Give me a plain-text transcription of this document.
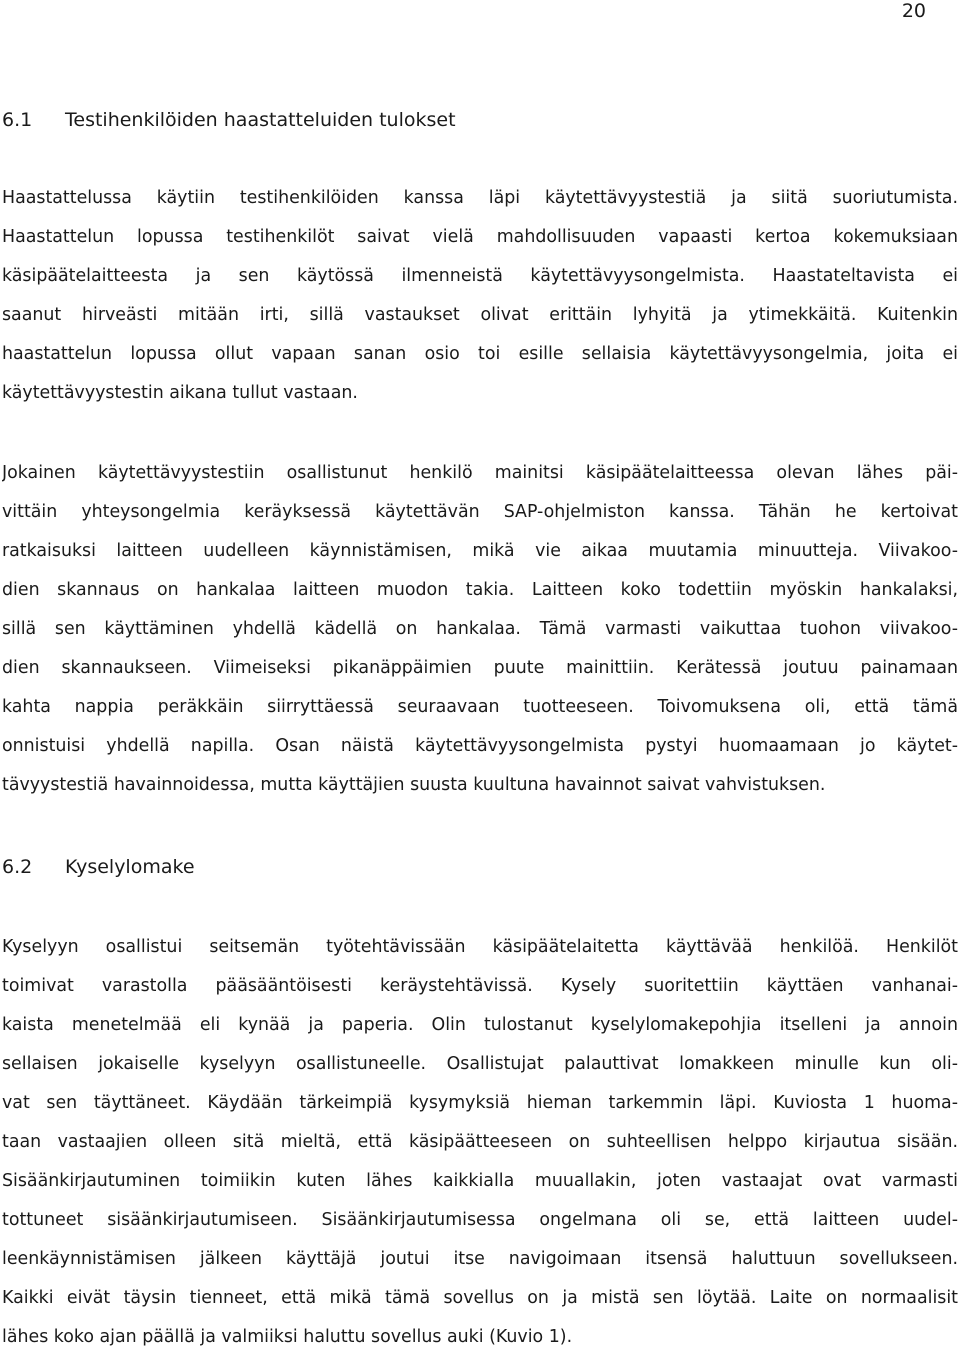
20
6.1 Testihenkilöiden haastatteluiden tulokset
Haastattelussa käytiin testihenkilöiden kanssa läpi käytettävyystestiä ja siitä suoriutumista.
Haastattelun lopussa testihenkilöt saivat vielä mahdollisuuden vapaasti kertoa kokemuksiaan
käsipäätelaitteesta ja sen käytössä ilmenneistä käytettävyysongelmista. Haastateltavista ei
saanut hirveästi mitään irti, sillä vastaukset olivat erittäin lyhyitä ja ytimekkäitä. Kuitenkin
haastattelun lopussa ollut vapaan sanan osio toi esille sellaisia käytettävyysongelmia, joita ei
käytettävyystestin aikana tullut vastaan.
Jokainen käytettävyystestiin osallistunut henkilö mainitsi käsipäätelaitteessa olevan lähes päi-
vittäin yhteysongelmia keräyksessä käytettävän SAP-ohjelmiston kanssa. Tähän he kertoivat
ratkaisuksi laitteen uudelleen käynnistämisen, mikä vie aikaa muutamia minuutteja. Viivakoo-
dien skannaus on hankalaa laitteen muodon takia. Laitteen koko todettiin myöskin hankalaksi,
sillä sen käyttäminen yhdellä kädellä on hankalaa. Tämä varmasti vaikuttaa tuohon viivakoo-
dien skannaukseen. Viimeiseksi pikanäppäimien puute mainittiin. Kerätessä joutuu painamaan
kahta nappia peräkkäin siirryttäessä seuraavaan tuotteeseen. Toivomuksena oli, että tämä
onnistuisi yhdellä napilla. Osan näistä käytettävyysongelmista pystyi huomaamaan jo käytet-
tävyystestiä havainnoidessa, mutta käyttäjien suusta kuultuna havainnot saivat vahvistuksen.
6.2 Kyselylomake
Kyselyyn osallistui seitsemän työtehtävissään käsipäätelaitetta käyttävää henkilöä. Henkilöt
toimivat varastolla pääsääntöisesti keräystehtävissä. Kysely suoritettiin käyttäen vanhanai-
kaista menetelmää eli kynää ja paperia. Olin tulostanut kyselylomakepohjia itselleni ja annoin
sellaisen jokaiselle kyselyyn osallistuneelle. Osallistujat palauttivat lomakkeen minulle kun oli-
vat sen täyttäneet. Käydään tärkeimpiä kysymyksiä hieman tarkemmin läpi. Kuviosta 1 huoma-
taan vastaajien olleen sitä mieltä, että käsipäätteeseen on suhteellisen helppo kirjautua sisään.
Sisäänkirjautuminen toimiikin kuten lähes kaikkialla muuallakin, joten vastaajat ovat varmasti
tottuneet sisäänkirjautumiseen. Sisäänkirjautumisessa ongelmana oli se, että laitteen uudel-
leenkäynnistämisen jälkeen käyttäjä joutui itse navigoimaan itsensä haluttuun sovellukseen.
Kaikki eivät täysin tienneet, että mikä tämä sovellus on ja mistä sen löytää. Laite on normaalisit
lähes koko ajan päällä ja valmiiksi haluttu sovellus auki (Kuvio 1).
